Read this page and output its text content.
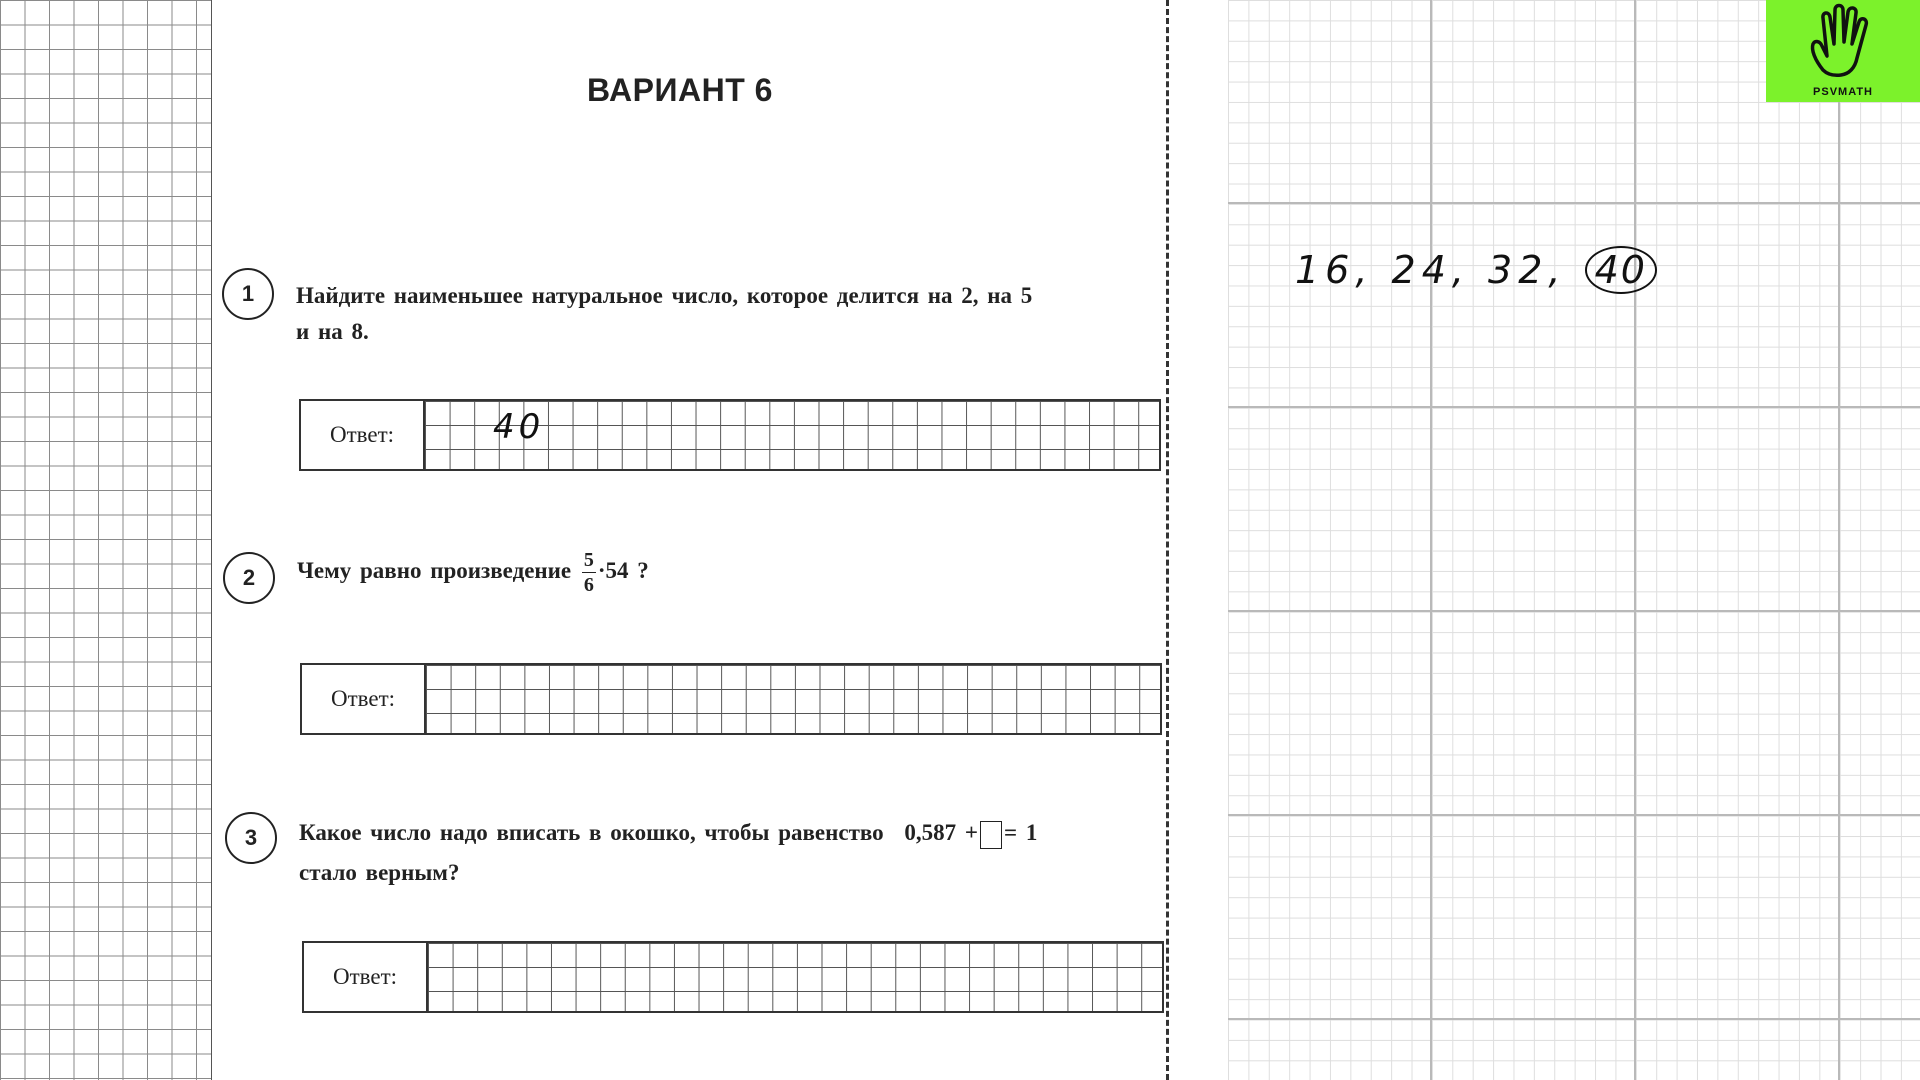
ВАРИАНТ 6
1	Найдите наименьшее натуральное число, которое делится на 2, на 5
и на 8.
Ответ:	40
2	Чему равно произведение $\frac{5}{6} \cdot 54$ ?
Ответ:
3	Какое число надо вписать в окошко, чтобы равенство 0,587 + = 1
стало верным?
Ответ:
16, 24, 32, 40
PSVMATH
